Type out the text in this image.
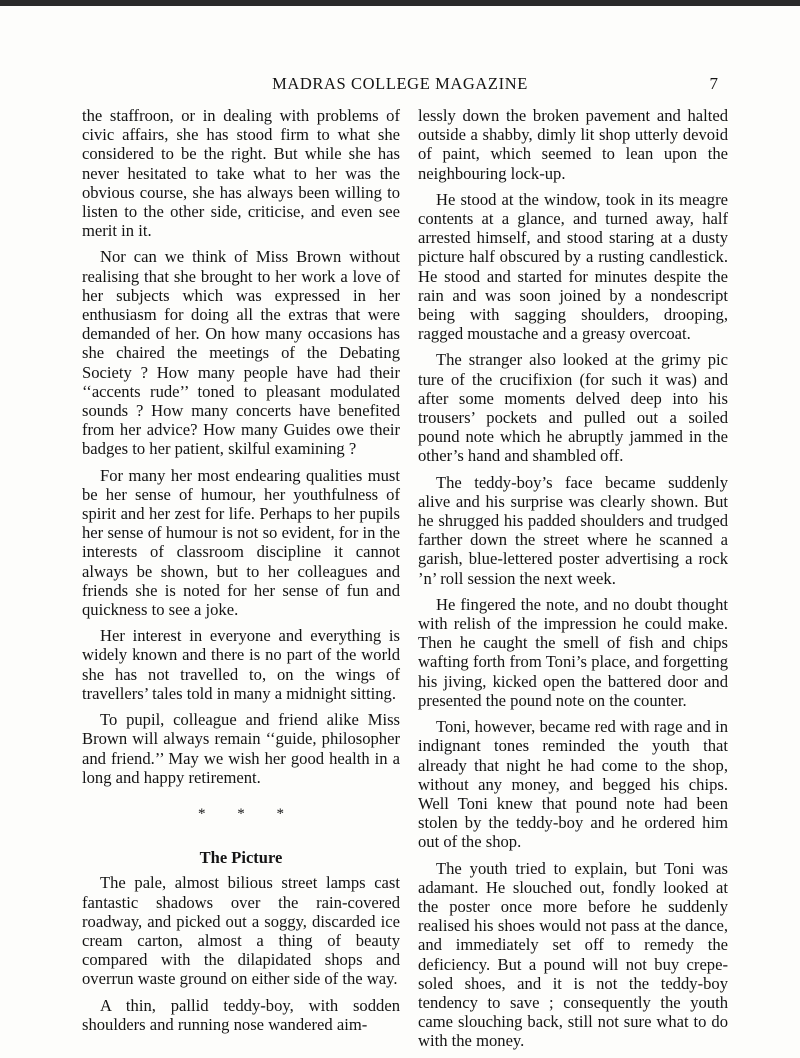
MADRAS COLLEGE MAGAZINE	7

the staffroon, or in dealing with problems of civic affairs, she has stood firm to what she considered to be the right. But while she has never hesitated to take what to her was the obvious course, she has always been willing to listen to the other side, criticise, and even see merit in it.

Nor can we think of Miss Brown without realising that she brought to her work a love of her subjects which was expressed in her enthusiasm for doing all the extras that were demanded of her. On how many occasions has she chaired the meetings of the Debating Society ? How many people have had their ‘‘accents rude’’ toned to pleasant modulated sounds ? How many concerts have benefited from her advice? How many Guides owe their badges to her patient, skilful examining ?

For many her most endearing qualities must be her sense of humour, her youthfulness of spirit and her zest for life. Perhaps to her pupils her sense of humour is not so evident, for in the interests of classroom discipline it cannot always be shown, but to her colleagues and friends she is noted for her sense of fun and quickness to see a joke.

Her interest in everyone and everything is widely known and there is no part of the world she has not travelled to, on the wings of travellers’ tales told in many a midnight sitting.

To pupil, colleague and friend alike Miss Brown will always remain ‘‘guide, philosopher and friend.’’ May we wish her good health in a long and happy retirement.

* * *
The Picture

The pale, almost bilious street lamps cast fantastic shadows over the rain-covered roadway, and picked out a soggy, discarded ice cream carton, almost a thing of beauty compared with the dilapidated shops and overrun waste ground on either side of the way.

A thin, pallid teddy-boy, with sodden shoulders and running nose wandered aim-

lessly down the broken pavement and halted outside a shabby, dimly lit shop utterly devoid of paint, which seemed to lean upon the neighbouring lock-up.

He stood at the window, took in its meagre contents at a glance, and turned away, half arrested himself, and stood staring at a dusty picture half obscured by a rusting candlestick. He stood and started for minutes despite the rain and was soon joined by a nondescript being with sagging shoulders, drooping, ragged moustache and a greasy overcoat.

The stranger also looked at the grimy pic ture of the crucifixion (for such it was) and after some moments delved deep into his trousers’ pockets and pulled out a soiled pound note which he abruptly jammed in the other’s hand and shambled off.

The teddy-boy’s face became suddenly alive and his surprise was clearly shown. But he shrugged his padded shoulders and trudged farther down the street where he scanned a garish, blue-lettered poster advertising a rock ’n’ roll session the next week.

He fingered the note, and no doubt thought with relish of the impression he could make. Then he caught the smell of fish and chips wafting forth from Toni’s place, and forgetting his jiving, kicked open the battered door and presented the pound note on the counter.

Toni, however, became red with rage and in indignant tones reminded the youth that already that night he had come to the shop, without any money, and begged his chips. Well Toni knew that pound note had been stolen by the teddy-boy and he ordered him out of the shop.

The youth tried to explain, but Toni was adamant. He slouched out, fondly looked at the poster once more before he suddenly realised his shoes would not pass at the dance, and immediately set off to remedy the deficiency. But a pound will not buy crepe-soled shoes, and it is not the teddy-boy tendency to save ; consequently the youth came slouching back, still not sure what to do with the money.
